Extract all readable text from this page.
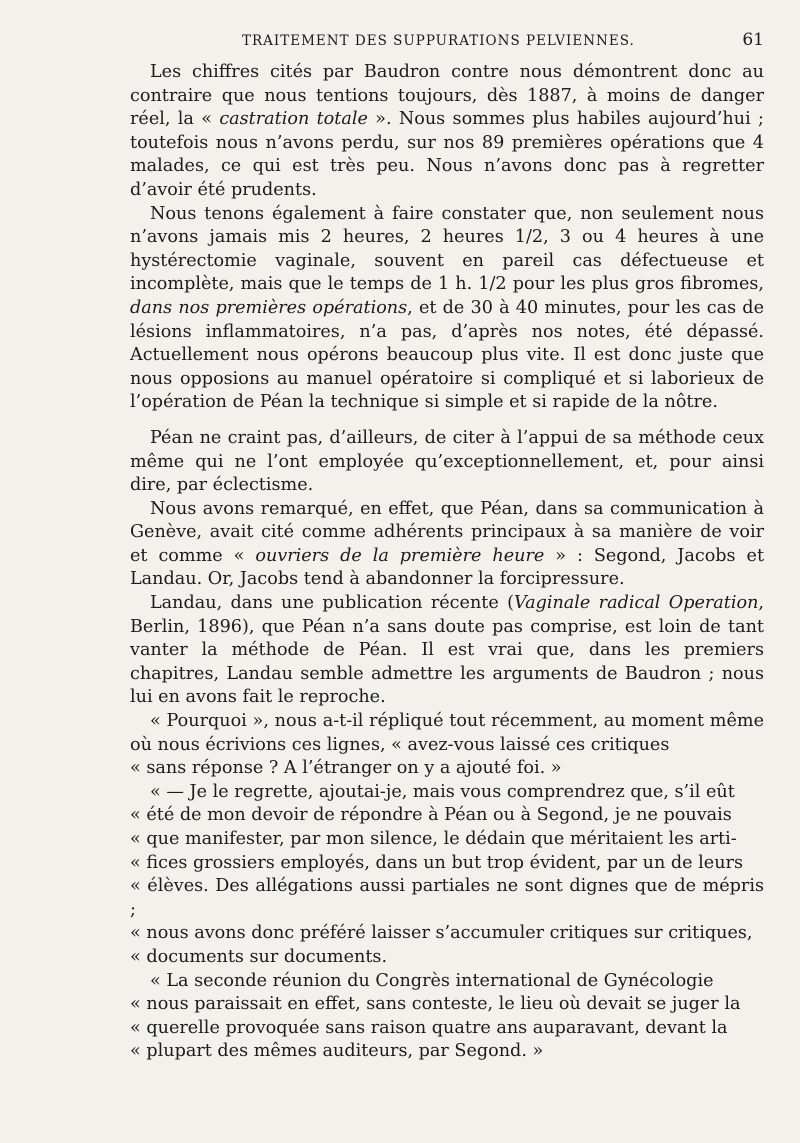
TRAITEMENT DES SUPPURATIONS PELVIENNES.	61

Les chiffres cités par Baudron contre nous démontrent donc au contraire que nous tentions toujours, dès 1887, à moins de danger réel, la « castration totale ». Nous sommes plus habiles aujourd’hui ; toutefois nous n’avons perdu, sur nos 89 premières opérations que 4 malades, ce qui est très peu. Nous n’avons donc pas à regretter d’avoir été prudents.

Nous tenons également à faire constater que, non seulement nous n’avons jamais mis 2 heures, 2 heures 1/2, 3 ou 4 heures à une hystérectomie vaginale, souvent en pareil cas défectueuse et incomplète, mais que le temps de 1 h. 1/2 pour les plus gros fibromes, dans nos premières opérations, et de 30 à 40 minutes, pour les cas de lésions inflammatoires, n’a pas, d’après nos notes, été dépassé. Actuellement nous opérons beaucoup plus vite. Il est donc juste que nous opposions au manuel opératoire si compliqué et si laborieux de l’opération de Péan la technique si simple et si rapide de la nôtre.

Péan ne craint pas, d’ailleurs, de citer à l’appui de sa méthode ceux même qui ne l’ont employée qu’exceptionnellement, et, pour ainsi dire, par éclectisme.

Nous avons remarqué, en effet, que Péan, dans sa communication à Genève, avait cité comme adhérents principaux à sa manière de voir et comme « ouvriers de la première heure » : Segond, Jacobs et Landau. Or, Jacobs tend à abandonner la forcipressure.

Landau, dans une publication récente (Vaginale radical Operation, Berlin, 1896), que Péan n’a sans doute pas comprise, est loin de tant vanter la méthode de Péan. Il est vrai que, dans les premiers chapitres, Landau semble admettre les arguments de Baudron ; nous lui en avons fait le reproche.

« Pourquoi », nous a-t-il répliqué tout récemment, au moment même où nous écrivions ces lignes, « avez-vous laissé ces critiques

« sans réponse ? A l’étranger on y a ajouté foi. »

« — Je le regrette, ajoutai-je, mais vous comprendrez que, s’il eût

« été de mon devoir de répondre à Péan ou à Segond, je ne pouvais

« que manifester, par mon silence, le dédain que méritaient les arti-

« fices grossiers employés, dans un but trop évident, par un de leurs

« élèves. Des allégations aussi partiales ne sont dignes que de mépris ;

« nous avons donc préféré laisser s’accumuler critiques sur critiques,

« documents sur documents.

« La seconde réunion du Congrès international de Gynécologie

« nous paraissait en effet, sans conteste, le lieu où devait se juger la

« querelle provoquée sans raison quatre ans auparavant, devant la

« plupart des mêmes auditeurs, par Segond. »
